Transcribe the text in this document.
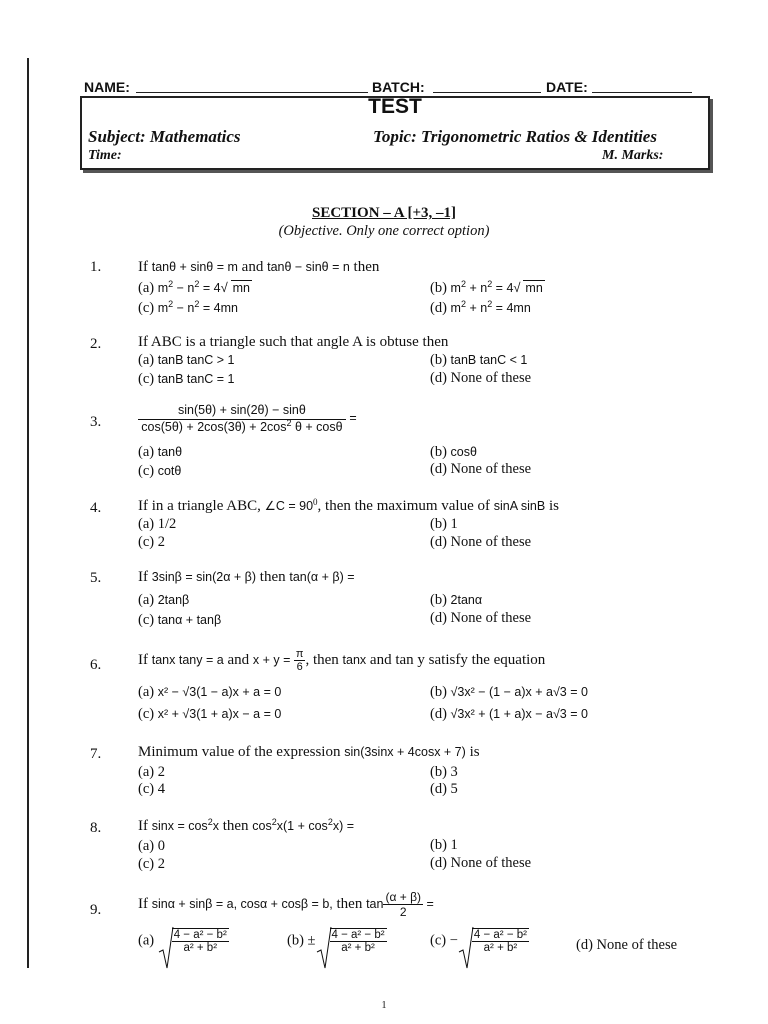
NAME:	BATCH:	DATE:
TEST
Subject: Mathematics	Topic: Trigonometric Ratios & Identities
Time:	M. Marks:
SECTION – A [+3, –1]
(Objective. Only one correct option)
1. If tanθ + sinθ = m and tanθ − sinθ = n then
(a) $m^2 - n^2 = 4$ √ mn	(b) $m^2 + n^2 = 4$ √ mn
(c) $m^2 - n^2 = 4mn$	(d) $m^2 + n^2 = 4mn$
2. If ABC is a triangle such that angle A is obtuse then
(a) tanB tanC > 1	(b) tanB tanC < 1
(c) tanB tanC = 1	(d) None of these
3.	$\frac{\sin(5\theta) + \sin(2\theta) - \sin\theta}{\cos(5\theta) + 2\cos(3\theta) + 2\cos^2 \theta + \cos\theta}$ =
(a) tanθ	(b) cosθ
(c) cotθ	(d) None of these
4. If in a triangle ABC, ∠C = $90^0$, then the maximum value of sinA sinB is
(a) 1/2	(b) 1
(c) 2	(d) None of these
5. If 3sinβ = sin(2α + β) then tan(α + β) =
(a) 2tanβ	(b) 2tanα
(c) tanα + tanβ	(d) None of these
6. If tanx tany = a and $x + y = \frac{\pi}{6}$ , then tanx and tan y satisfy the equation
(a) x² − √3(1 − a)x + a = 0	(b) √3x² − (1 − a)x + a√3 = 0
(c) x² + √3(1 + a)x − a = 0	(d) √3x² + (1 + a)x − a√3 = 0
7. Minimum value of the expression sin(3sinx + 4cosx + 7) is
(a) 2	(b) 3
(c) 4	(d) 5
8. If $\sin x = \cos^2x$ then $\cos^2x(1 + \cos^2x)$ =
(a) 0	(b) 1
(c) 2	(d) None of these
9. If sinα + sinβ = a, cosα + cosβ = b, then $\tan \frac{(\alpha + \beta)}{2}$ =
$(a) \frac{\text{4 − a² − b²}}{\text{a² + b²}}$	$(b) \pm \frac{\text{4 − a² − b²}}{\text{a² + b²}}$	$(c) - \frac{\text{4 − a² − b²}}{\text{a² + b²}}$	(d) None of these
1
